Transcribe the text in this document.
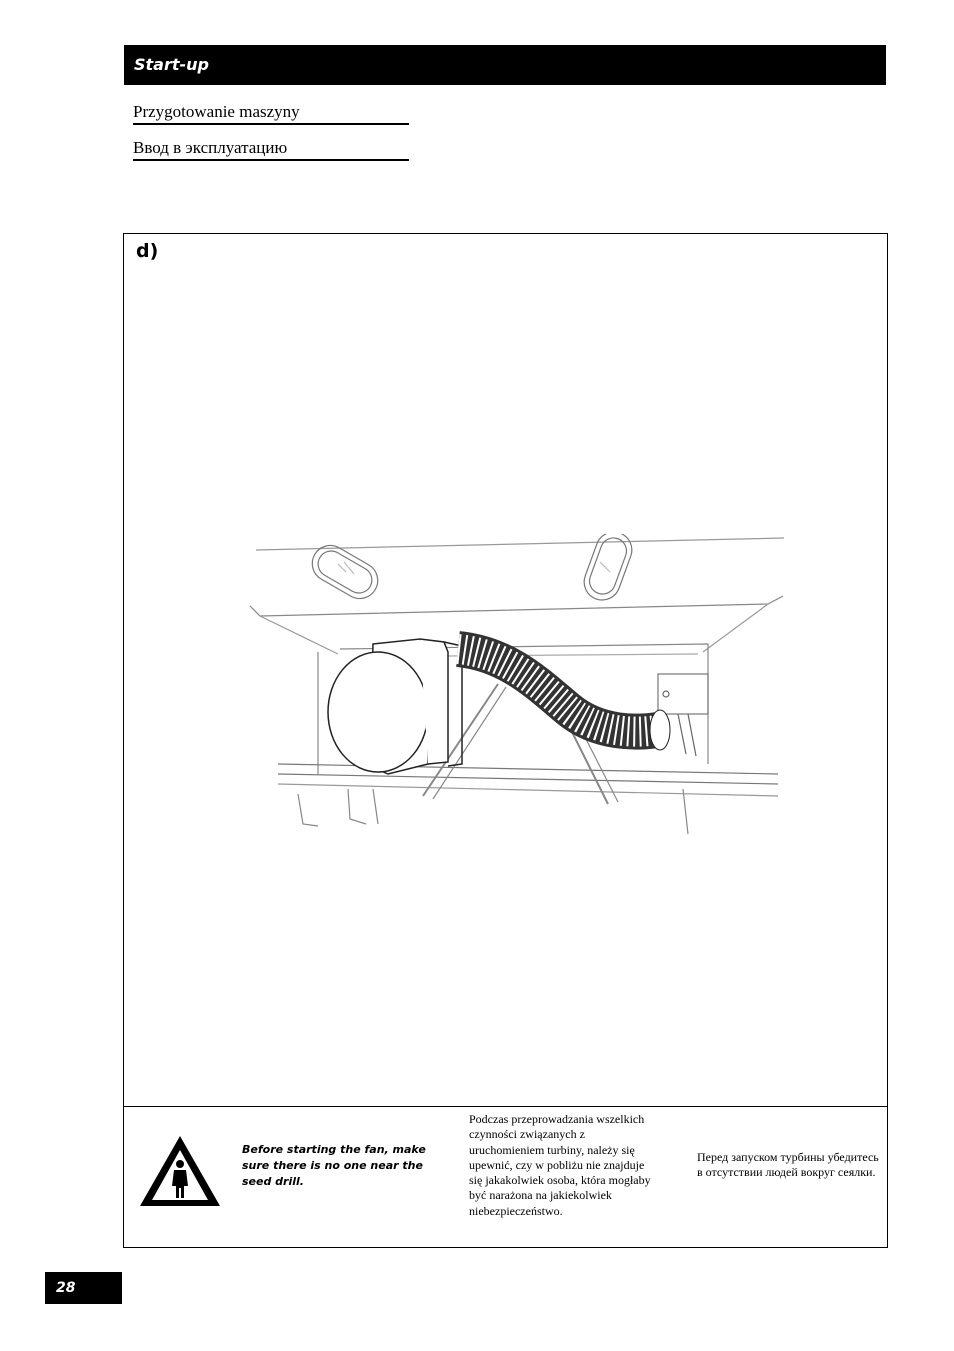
Start-up
Przygotowanie maszyny
Ввод в эксплуатацию
d)
Before starting the fan, make sure there is no one near the seed drill.
Podczas przeprowadzania wszelkich czynności związanych z uruchomieniem turbiny, należy się upewnić, czy w pobliżu nie znajduje się jakakolwiek osoba, która mogłaby być narażona na jakiekolwiek niebezpieczeństwo.
Перед запуском турбины убедитесь в отсутствии людей вокруг сеялки.
28
